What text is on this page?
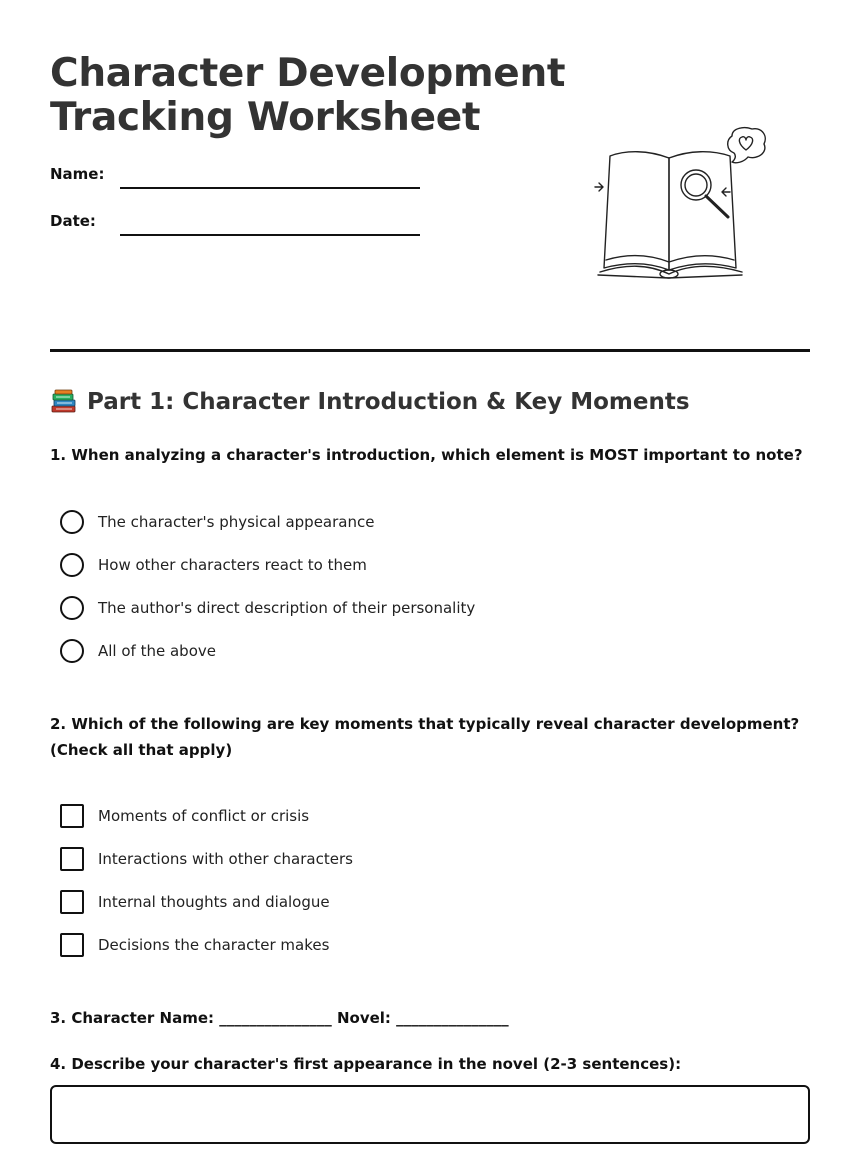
Character Development Tracking Worksheet
Name:
Date:
Part 1: Character Introduction & Key Moments
1. When analyzing a character's introduction, which element is MOST important to note?
The character's physical appearance
How other characters react to them
The author's direct description of their personality
All of the above
2. Which of the following are key moments that typically reveal character development? (Check all that apply)
Moments of conflict or crisis
Interactions with other characters
Internal thoughts and dialogue
Decisions the character makes
3. Character Name: _______________ Novel: _______________
4. Describe your character's first appearance in the novel (2-3 sentences):
